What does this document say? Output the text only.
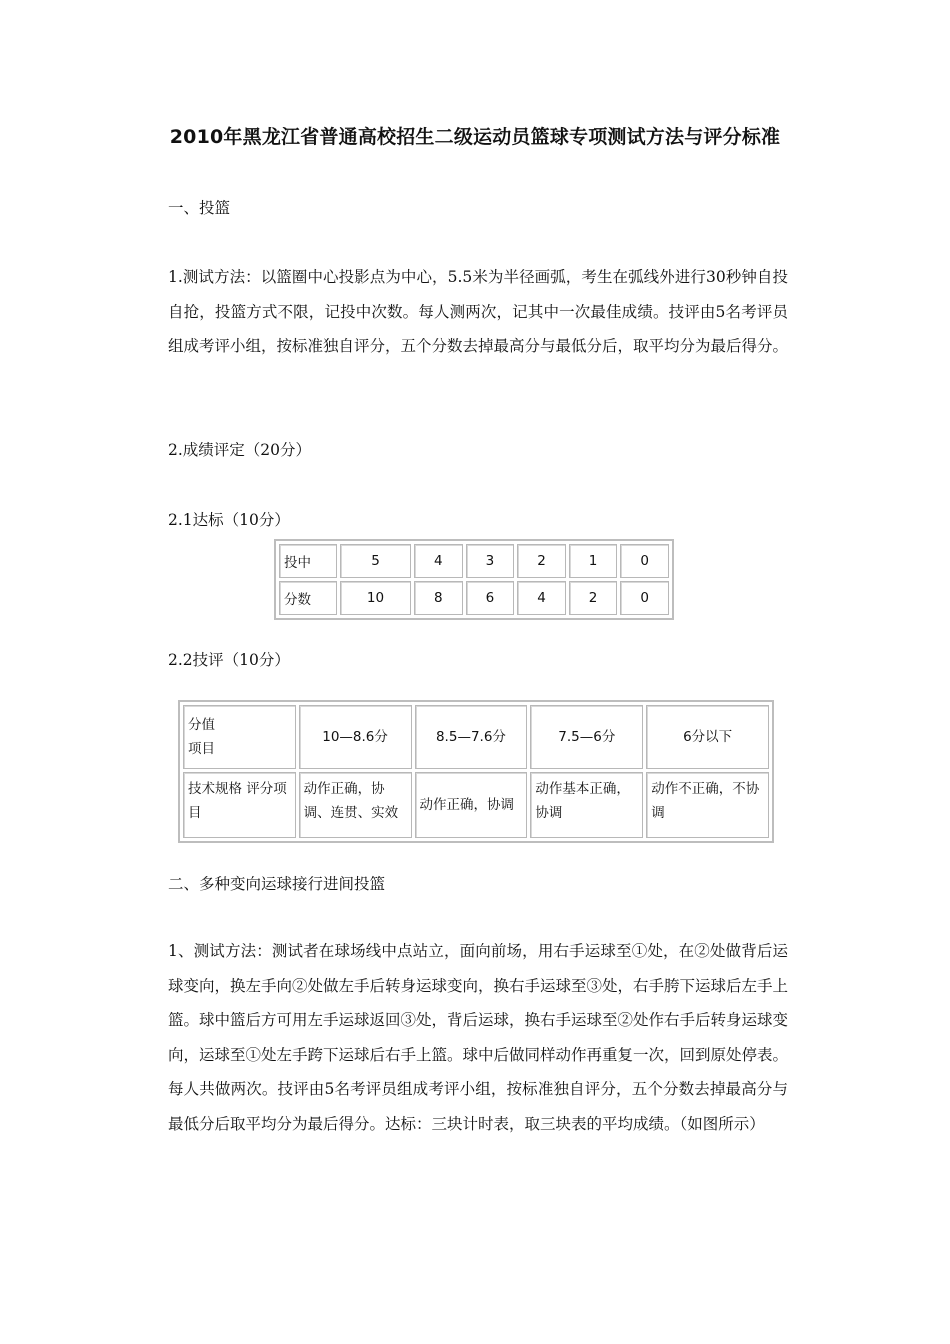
2010年黑龙江省普通高校招生二级运动员篮球专项测试方法与评分标准
一、投篮
1.测试方法：以篮圈中心投影点为中心，5.5米为半径画弧，考生在弧线外进行30秒钟自投自抢，投篮方式不限，记投中次数。每人测两次，记其中一次最佳成绩。技评由5名考评员组成考评小组，按标准独自评分，五个分数去掉最高分与最低分后，取平均分为最后得分。
2.成绩评定（20分）
2.1达标（10分）
投中	5	4	3	2	1	0
分数	10	8	6	4	2	0
2.2技评（10分）
分值
项目	10—8.6分	8.5—7.6分	7.5—6分	6分以下
技术规格 评分项目	动作正确，协调、连贯、实效	动作正确，协调	动作基本正确，协调	动作不正确，不协调
二、多种变向运球接行进间投篮
1、测试方法：测试者在球场线中点站立，面向前场，用右手运球至①处，在②处做背后运球变向，换左手向②处做左手后转身运球变向，换右手运球至③处，右手胯下运球后左手上篮。球中篮后方可用左手运球返回③处，背后运球，换右手运球至②处作右手后转身运球变向，运球至①处左手跨下运球后右手上篮。球中后做同样动作再重复一次，回到原处停表。每人共做两次。技评由5名考评员组成考评小组，按标准独自评分，五个分数去掉最高分与最低分后取平均分为最后得分。达标：三块计时表，取三块表的平均成绩。（如图所示）
